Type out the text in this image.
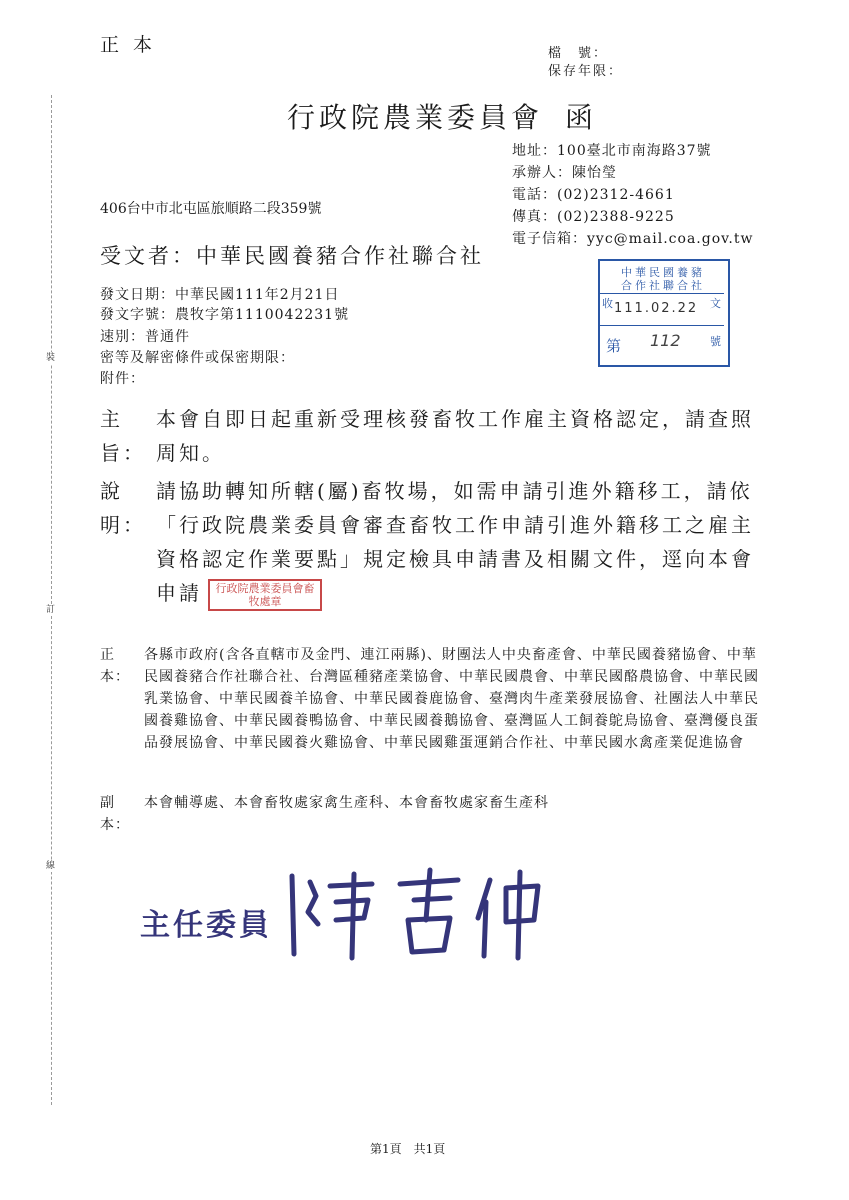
裝
訂
線
正本	檔　號：
保存年限：
行政院農業委員會 函
地址：100臺北市南海路37號
承辦人：陳怡瑩
電話：(02)2312-4661
傳真：(02)2388-9225
電子信箱：yyc@mail.coa.gov.tw
406台中市北屯區旅順路二段359號
受文者：中華民國養豬合作社聯合社
發文日期：中華民國111年2月21日
發文字號：農牧字第1110042231號
速別：普通件
密等及解密條件或保密期限：
附件：
中華民國養豬
合作社聯合社
收 111.02.22 文
第 112	號
主旨：
本會自即日起重新受理核發畜牧工作雇主資格認定，請查照周知。
說明：
請協助轉知所轄(屬)畜牧場，如需申請引進外籍移工，請依「行政院農業委員會審查畜牧工作申請引進外籍移工之雇主資格認定作業要點」規定檢具申請書及相關文件，逕向本會申請 行政院農業委員會畜牧處章
正本：
各縣市政府(含各直轄市及金門、連江兩縣)、財團法人中央畜產會、中華民國養豬協會、中華民國養豬合作社聯合社、台灣區種豬產業協會、中華民國農會、中華民國酪農協會、中華民國乳業協會、中華民國養羊協會、中華民國養鹿協會、臺灣肉牛產業發展協會、社團法人中華民國養雞協會、中華民國養鴨協會、中華民國養鵝協會、臺灣區人工飼養鴕鳥協會、臺灣優良蛋品發展協會、中華民國養火雞協會、中華民國雞蛋運銷合作社、中華民國水禽產業促進協會
副本：
本會輔導處、本會畜牧處家禽生產科、本會畜牧處家畜生產科
主任委員
第1頁　共1頁
